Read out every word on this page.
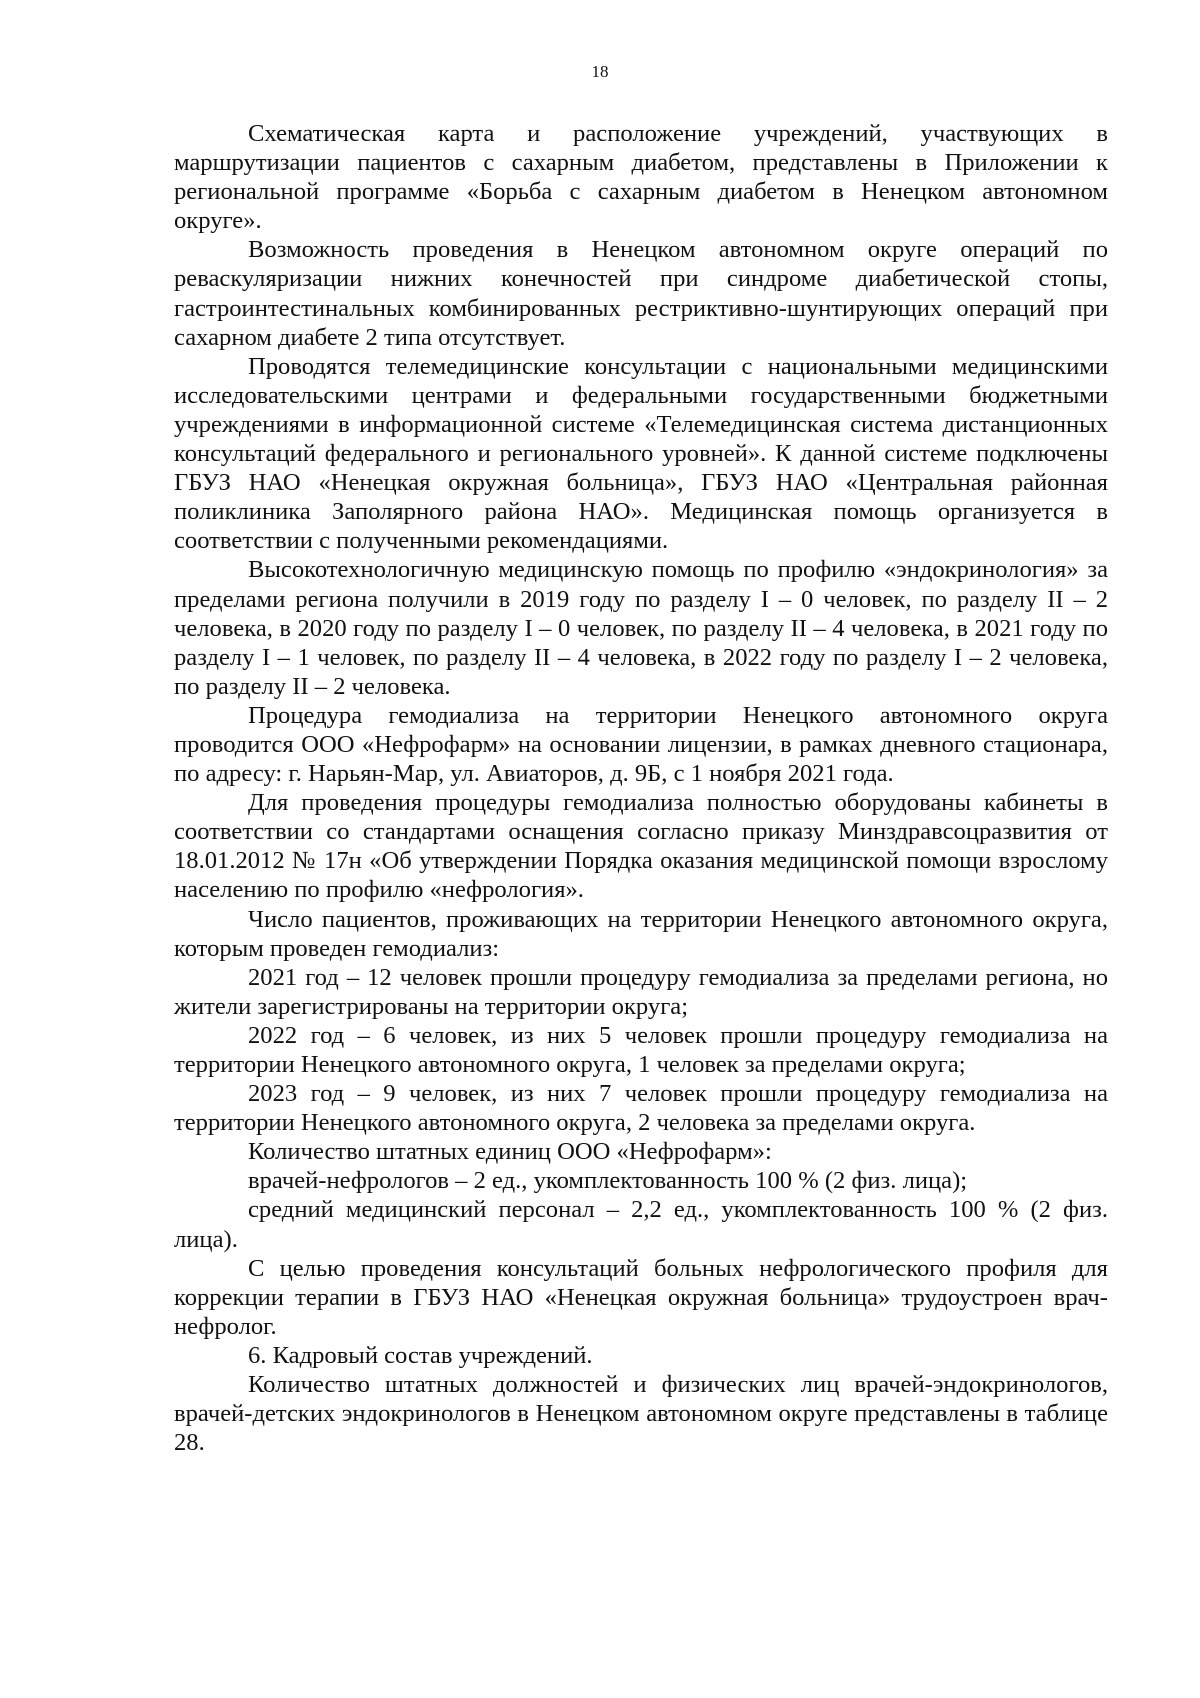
18

Схематическая карта и расположение учреждений, участвующих в маршрутизации пациентов с сахарным диабетом, представлены в Приложении к региональной программе «Борьба с сахарным диабетом в Ненецком автономном округе».

Возможность проведения в Ненецком автономном округе операций по реваскуляризации нижних конечностей при синдроме диабетической стопы, гастроинтестинальных комбинированных рестриктивно-шунтирующих операций при сахарном диабете 2 типа отсутствует.

Проводятся телемедицинские консультации с национальными медицинскими исследовательскими центрами и федеральными государственными бюджетными учреждениями в информационной системе «Телемедицинская система дистанционных консультаций федерального и регионального уровней». К данной системе подключены ГБУЗ НАО «Ненецкая окружная больница», ГБУЗ НАО «Центральная районная поликлиника Заполярного района НАО». Медицинская помощь организуется в соответствии с полученными рекомендациями.

Высокотехнологичную медицинскую помощь по профилю «эндокринология» за пределами региона получили в 2019 году по разделу I – 0 человек, по разделу II – 2 человека, в 2020 году по разделу I – 0 человек, по разделу II – 4 человека, в 2021 году по разделу I – 1 человек, по разделу II – 4 человека, в 2022 году по разделу I – 2 человека, по разделу II – 2 человека.

Процедура гемодиализа на территории Ненецкого автономного округа проводится ООО «Нефрофарм» на основании лицензии, в рамках дневного стационара, по адресу: г. Нарьян-Мар, ул. Авиаторов, д. 9Б, с 1 ноября 2021 года.

Для проведения процедуры гемодиализа полностью оборудованы кабинеты в соответствии со стандартами оснащения согласно приказу Минздравсоцразвития от 18.01.2012 № 17н «Об утверждении Порядка оказания медицинской помощи взрослому населению по профилю «нефрология».

Число пациентов, проживающих на территории Ненецкого автономного округа, которым проведен гемодиализ:

2021 год – 12 человек прошли процедуру гемодиализа за пределами региона, но жители зарегистрированы на территории округа;

2022 год – 6 человек, из них 5 человек прошли процедуру гемодиализа на территории Ненецкого автономного округа, 1 человек за пределами округа;

2023 год – 9 человек, из них 7 человек прошли процедуру гемодиализа на территории Ненецкого автономного округа, 2 человека за пределами округа.

Количество штатных единиц ООО «Нефрофарм»:

врачей-нефрологов – 2 ед., укомплектованность 100 % (2 физ. лица);

средний медицинский персонал – 2,2 ед., укомплектованность 100 % (2 физ. лица).

С целью проведения консультаций больных нефрологического профиля для коррекции терапии в ГБУЗ НАО «Ненецкая окружная больница» трудоустроен врач-нефролог.

6. Кадровый состав учреждений.

Количество штатных должностей и физических лиц врачей-эндокринологов, врачей-детских эндокринологов в Ненецком автономном округе представлены в таблице 28.
